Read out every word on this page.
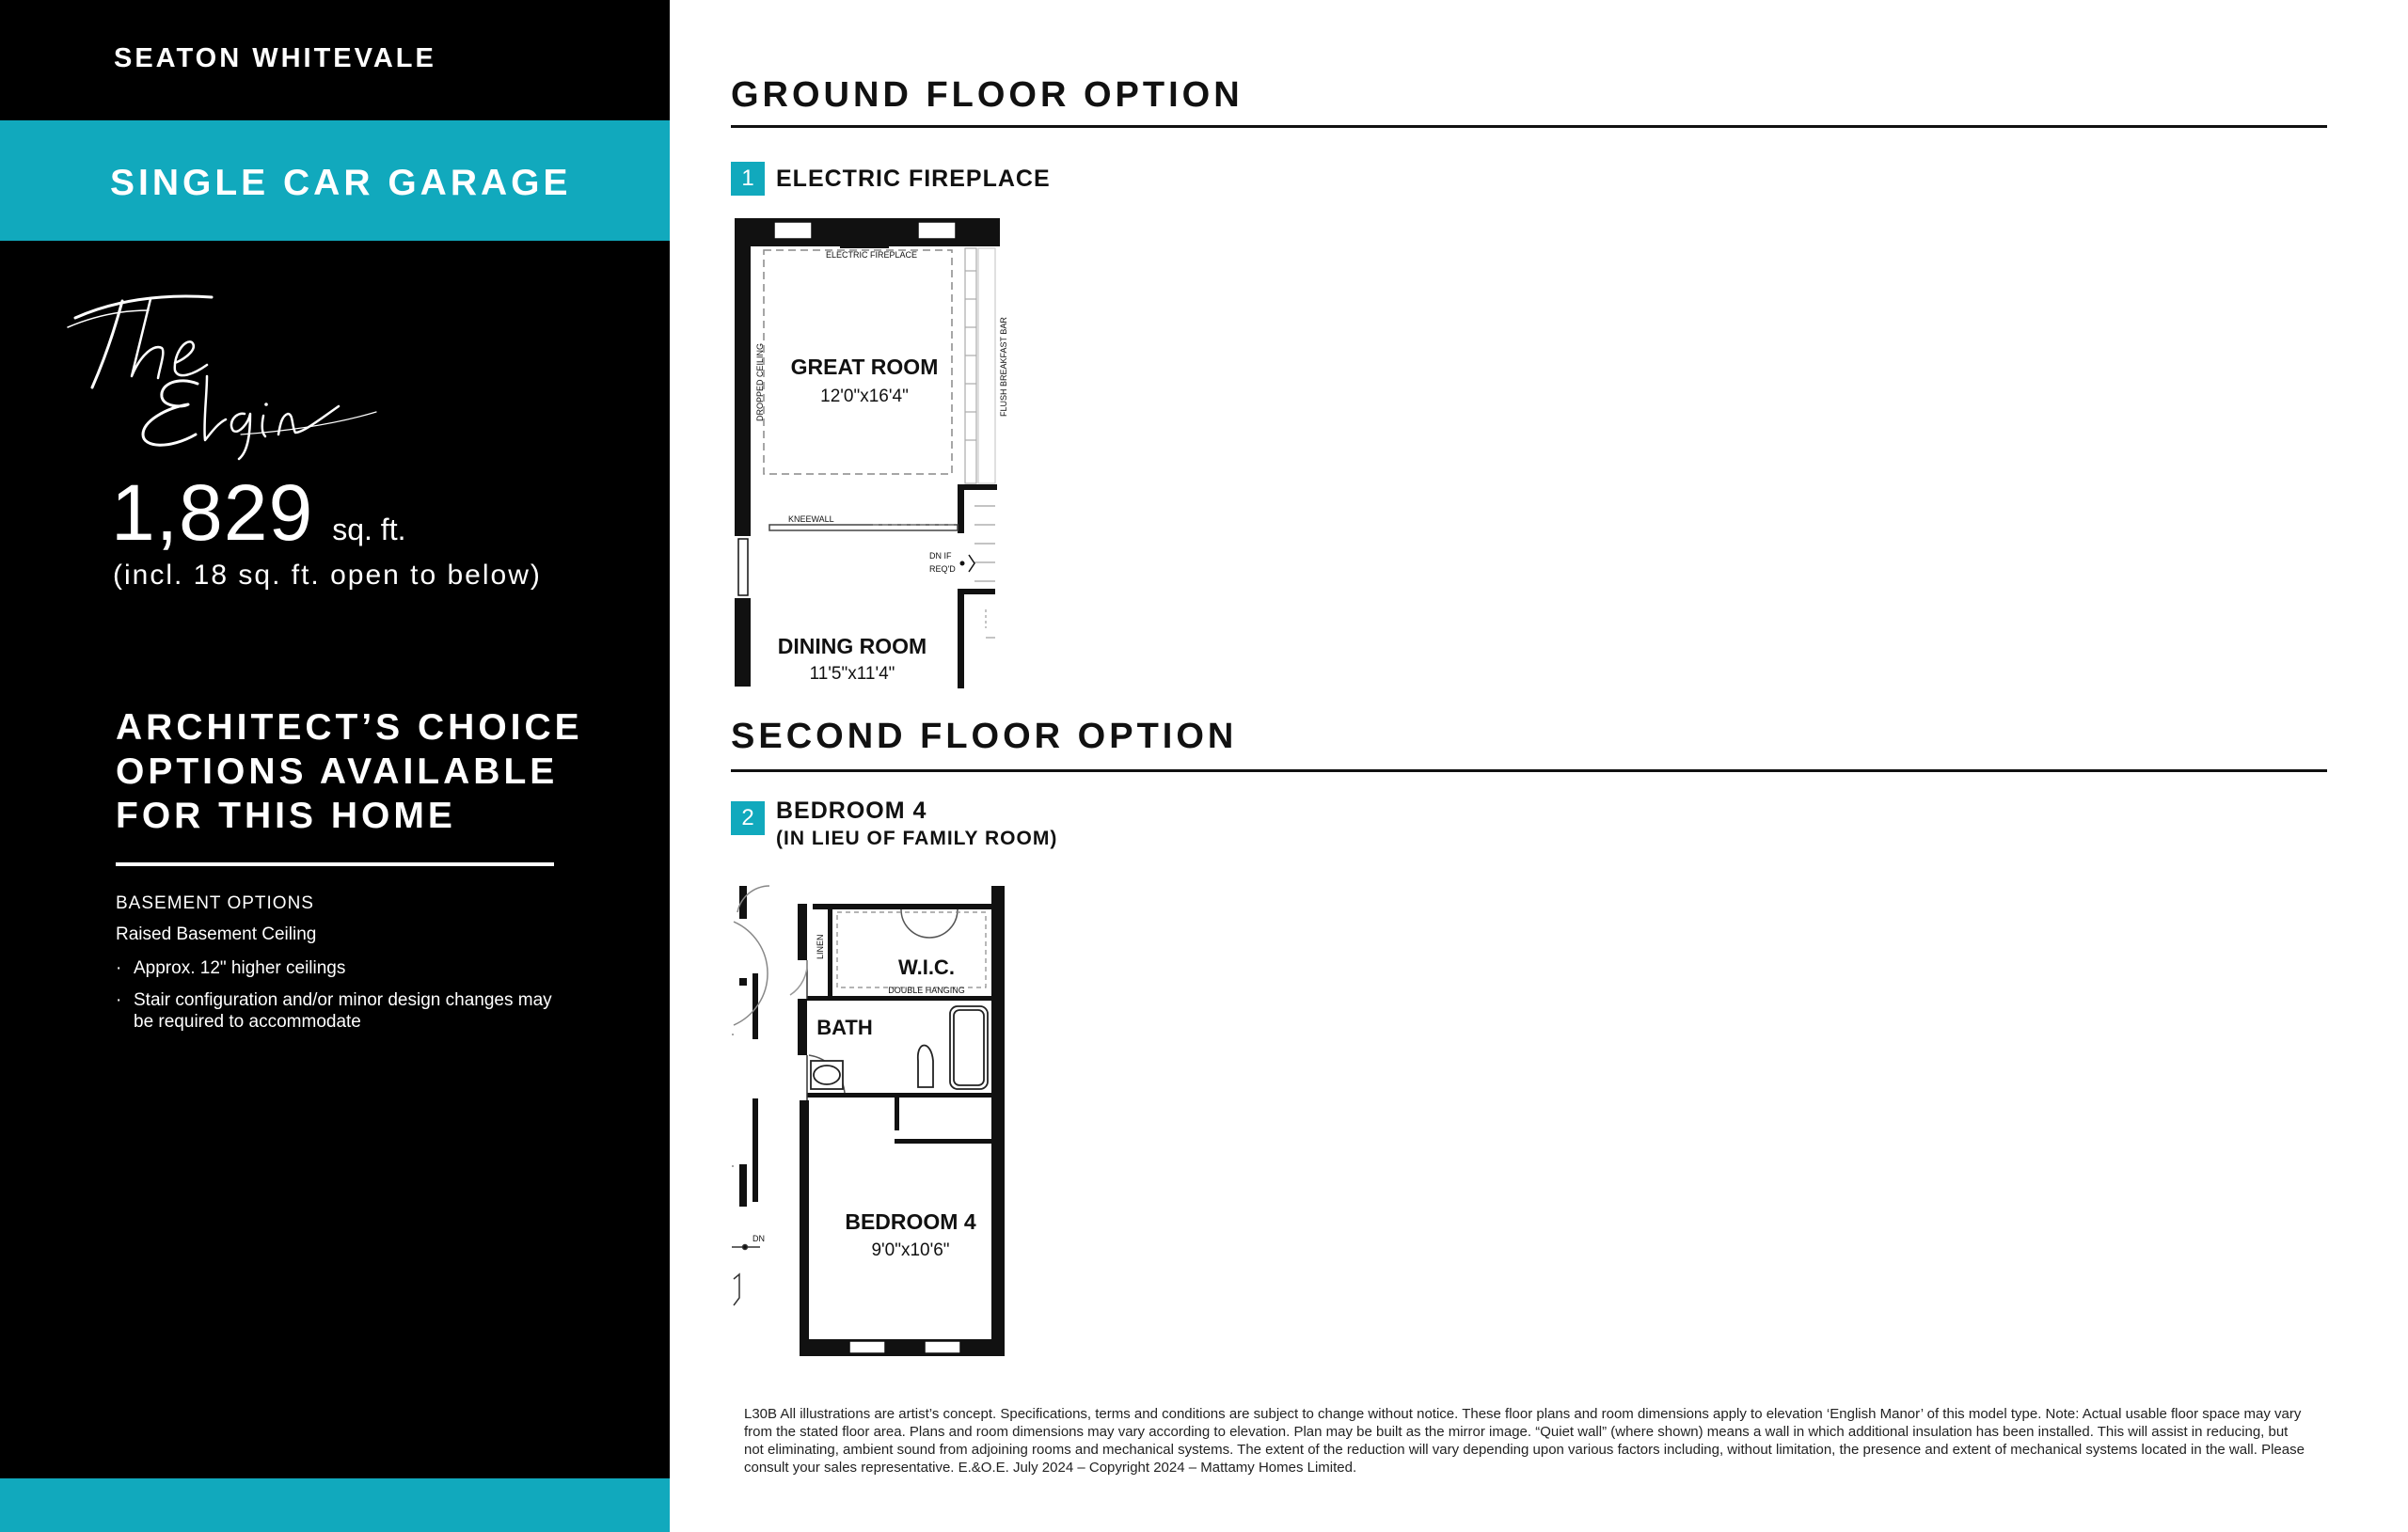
SEATON WHITEVALE
SINGLE CAR GARAGE
1,829 sq. ft.
(incl. 18 sq. ft. open to below)
ARCHITECT’S CHOICE OPTIONS AVAILABLE FOR THIS HOME
BASEMENT OPTIONS
Raised Basement Ceiling
· Approx. 12" higher ceilings
· Stair configuration and/or minor design changes may be required to accommodate
GROUND FLOOR OPTION
1 ELECTRIC FIREPLACE
ELECTRIC FIREPLACE
GREAT ROOM
12'0"x16'4"
DROPPED CEILING	FLUSH BREAKFAST BAR
KNEEWALL
DN IF
REQ'D
DINING ROOM
11'5"x11'4"
SECOND FLOOR OPTION
2 BEDROOM 4
(IN LIEU OF FAMILY ROOM)
LINEN
W.I.C.
DOUBLE HANGING
BATH
BEDROOM 4
9'0"x10'6"
DN
L30B All illustrations are artist’s concept. Specifications, terms and conditions are subject to change without notice. These floor plans and room dimensions apply to elevation ‘English Manor’ of this model type. Note: Actual usable floor space may vary from the stated floor area. Plans and room dimensions may vary according to elevation. Plan may be built as the mirror image. “Quiet wall” (where shown) means a wall in which additional insulation has been installed. This will assist in reducing, but not eliminating, ambient sound from adjoining rooms and mechanical systems. The extent of the reduction will vary depending upon various factors including, without limitation, the presence and extent of mechanical systems located in the wall. Please consult your sales representative. E.&O.E. July 2024 – Copyright 2024 – Mattamy Homes Limited.
